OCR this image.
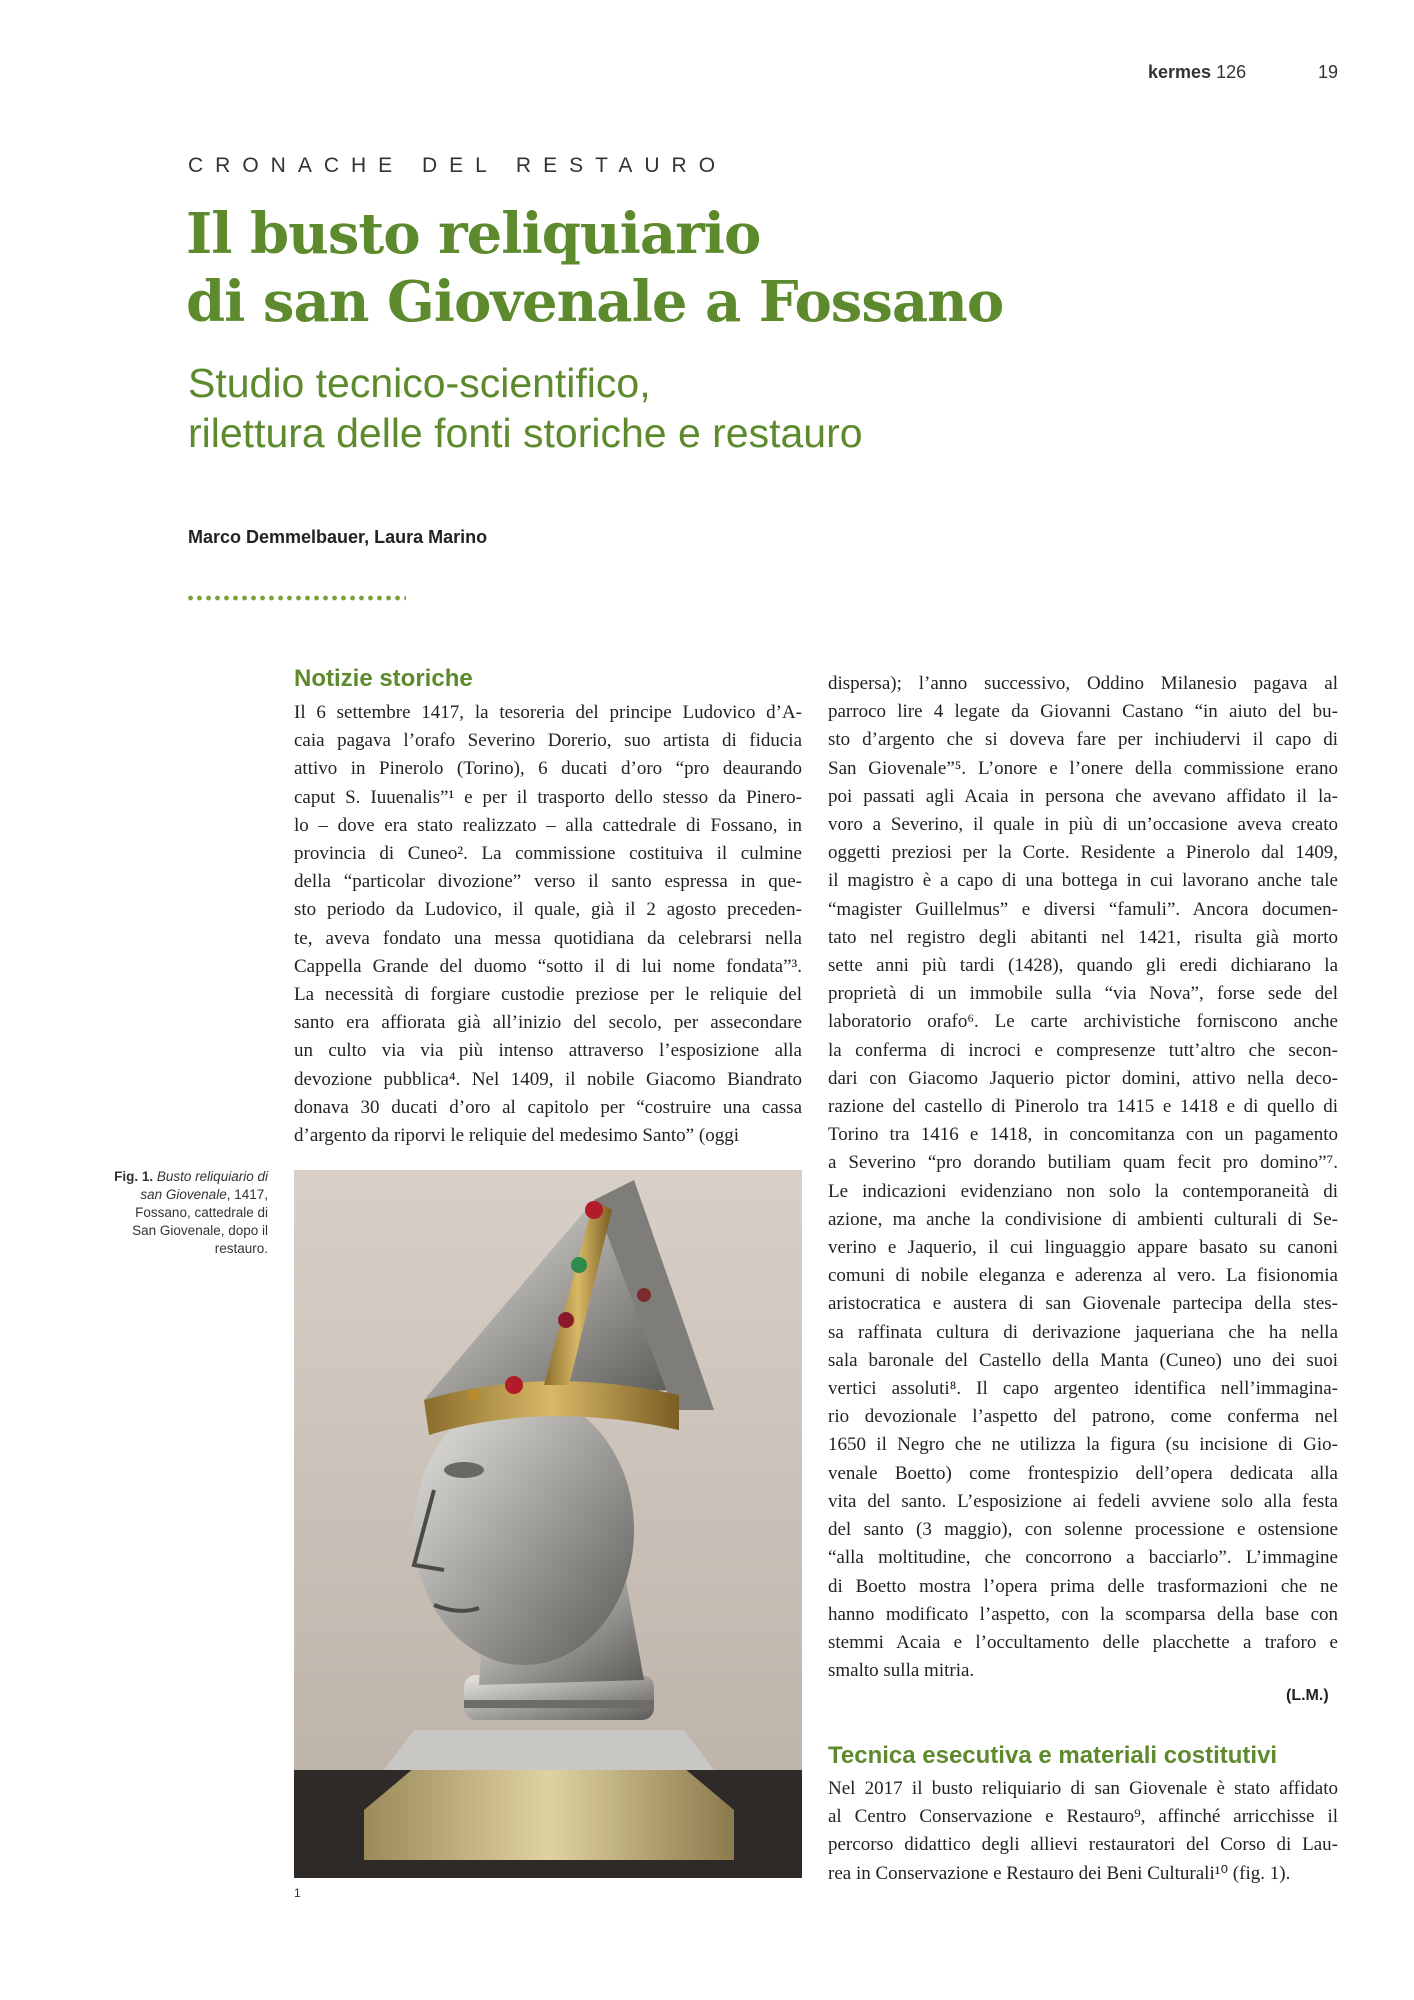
kermes 126	19
CRONACHE DEL RESTAURO
Il busto reliquiario
di san Giovenale a Fossano
Studio tecnico-scientifico,
rilettura delle fonti storiche e restauro
Marco Demmelbauer, Laura Marino
Notizie storiche
Il 6 settembre 1417, la tesoreria del principe Ludovico d’A-
caia pagava l’orafo Severino Dorerio, suo artista di fiducia
attivo in Pinerolo (Torino), 6 ducati d’oro “pro deaurando
caput S. Iuuenalis”¹ e per il trasporto dello stesso da Pinero-
lo – dove era stato realizzato – alla cattedrale di Fossano, in
provincia di Cuneo². La commissione costituiva il culmine
della “particolar divozione” verso il santo espressa in que-
sto periodo da Ludovico, il quale, già il 2 agosto preceden-
te, aveva fondato una messa quotidiana da celebrarsi nella
Cappella Grande del duomo “sotto il di lui nome fondata”³.
La necessità di forgiare custodie preziose per le reliquie del
santo era affiorata già all’inizio del secolo, per assecondare
un culto via via più intenso attraverso l’esposizione alla
devozione pubblica⁴. Nel 1409, il nobile Giacomo Biandrato
donava 30 ducati d’oro al capitolo per “costruire una cassa
d’argento da riporvi le reliquie del medesimo Santo” (oggi
dispersa); l’anno successivo, Oddino Milanesio pagava al
parroco lire 4 legate da Giovanni Castano “in aiuto del bu-
sto d’argento che si doveva fare per inchiudervi il capo di
San Giovenale”⁵. L’onore e l’onere della commissione erano
poi passati agli Acaia in persona che avevano affidato il la-
voro a Severino, il quale in più di un’occasione aveva creato
oggetti preziosi per la Corte. Residente a Pinerolo dal 1409,
il magistro è a capo di una bottega in cui lavorano anche tale
“magister Guillelmus” e diversi “famuli”. Ancora documen-
tato nel registro degli abitanti nel 1421, risulta già morto
sette anni più tardi (1428), quando gli eredi dichiarano la
proprietà di un immobile sulla “via Nova”, forse sede del
laboratorio orafo⁶. Le carte archivistiche forniscono anche
la conferma di incroci e compresenze tutt’altro che secon-
dari con Giacomo Jaquerio pictor domini, attivo nella deco-
razione del castello di Pinerolo tra 1415 e 1418 e di quello di
Torino tra 1416 e 1418, in concomitanza con un pagamento
a Severino “pro dorando butiliam quam fecit pro domino”⁷.
Le indicazioni evidenziano non solo la contemporaneità di
azione, ma anche la condivisione di ambienti culturali di Se-
verino e Jaquerio, il cui linguaggio appare basato su canoni
comuni di nobile eleganza e aderenza al vero. La fisionomia
aristocratica e austera di san Giovenale partecipa della stes-
sa raffinata cultura di derivazione jaqueriana che ha nella
sala baronale del Castello della Manta (Cuneo) uno dei suoi
vertici assoluti⁸. Il capo argenteo identifica nell’immagina-
rio devozionale l’aspetto del patrono, come conferma nel
1650 il Negro che ne utilizza la figura (su incisione di Gio-
venale Boetto) come frontespizio dell’opera dedicata alla
vita del santo. L’esposizione ai fedeli avviene solo alla festa
del santo (3 maggio), con solenne processione e ostensione
“alla moltitudine, che concorrono a bacciarlo”. L’immagine
di Boetto mostra l’opera prima delle trasformazioni che ne
hanno modificato l’aspetto, con la scomparsa della base con
stemmi Acaia e l’occultamento delle placchette a traforo e
smalto sulla mitria.
(L.M.)
Tecnica esecutiva e materiali costitutivi
Nel 2017 il busto reliquiario di san Giovenale è stato affidato
al Centro Conservazione e Restauro⁹, affinché arricchisse il
percorso didattico degli allievi restauratori del Corso di Lau-
rea in Conservazione e Restauro dei Beni Culturali¹⁰ (fig. 1).
Fig. 1. Busto reliquiario di san Giovenale, 1417, Fossano, cattedrale di San Giovenale, dopo il restauro.
1
